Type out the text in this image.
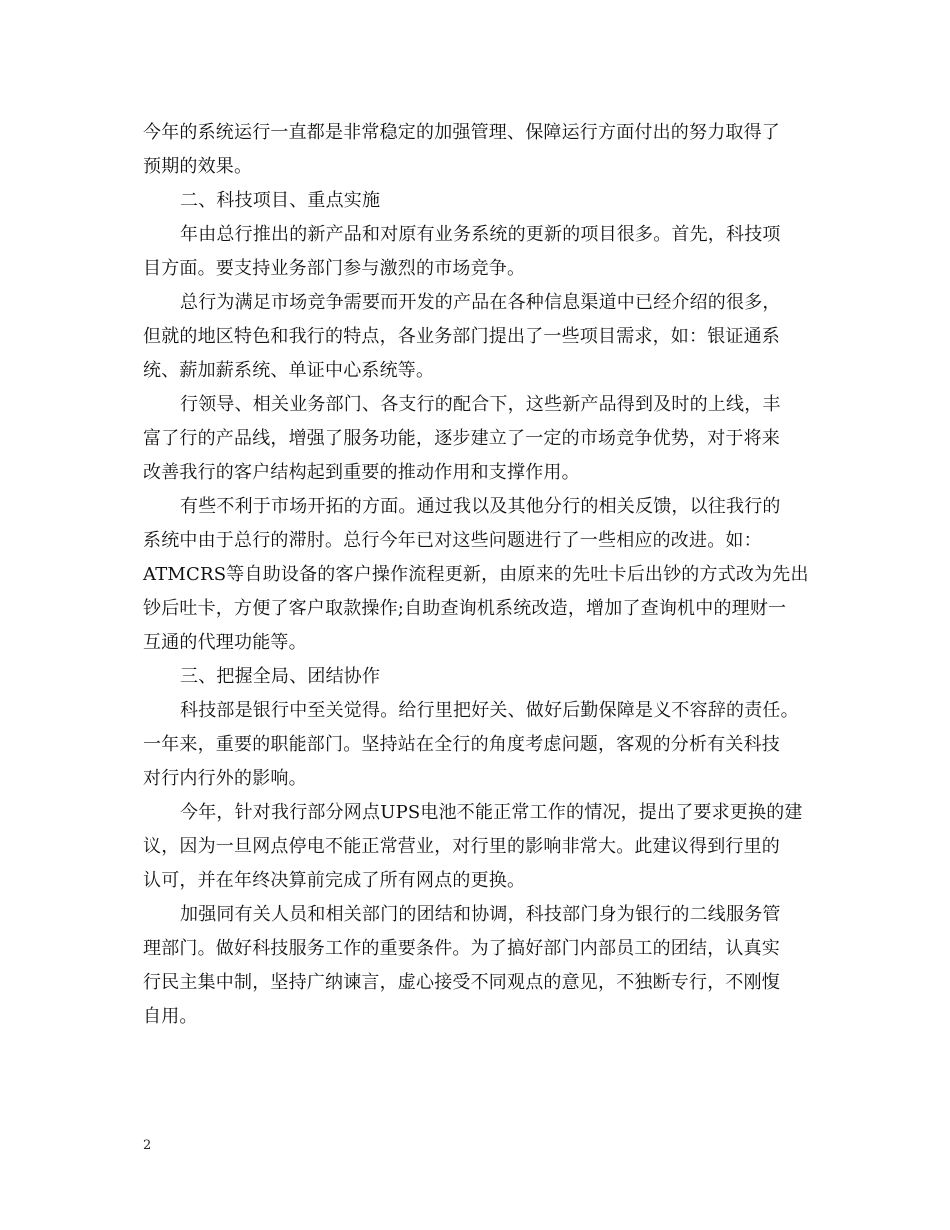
今年的系统运行一直都是非常稳定的加强管理、保障运行方面付出的努力取得了
预期的效果。

二、科技项目、重点实施

年由总行推出的新产品和对原有业务系统的更新的项目很多。首先，科技项
目方面。要支持业务部门参与激烈的市场竞争。

总行为满足市场竞争需要而开发的产品在各种信息渠道中已经介绍的很多，
但就的地区特色和我行的特点，各业务部门提出了一些项目需求，如：银证通系
统、薪加薪系统、单证中心系统等。

行领导、相关业务部门、各支行的配合下，这些新产品得到及时的上线，丰
富了行的产品线，增强了服务功能，逐步建立了一定的市场竞争优势，对于将来
改善我行的客户结构起到重要的推动作用和支撑作用。

有些不利于市场开拓的方面。通过我以及其他分行的相关反馈，以往我行的
系统中由于总行的滞肘。总行今年已对这些问题进行了一些相应的改进。如：
ATMCRS等自助设备的客户操作流程更新，由原来的先吐卡后出钞的方式改为先出
钞后吐卡，方便了客户取款操作;自助查询机系统改造，增加了查询机中的理财一
互通的代理功能等。

三、把握全局、团结协作

科技部是银行中至关觉得。给行里把好关、做好后勤保障是义不容辞的责任。
一年来，重要的职能部门。坚持站在全行的角度考虑问题，客观的分析有关科技
对行内行外的影响。

今年，针对我行部分网点UPS电池不能正常工作的情况，提出了要求更换的建
议，因为一旦网点停电不能正常营业，对行里的影响非常大。此建议得到行里的
认可，并在年终决算前完成了所有网点的更换。

加强同有关人员和相关部门的团结和协调，科技部门身为银行的二线服务管
理部门。做好科技服务工作的重要条件。为了搞好部门内部员工的团结，认真实
行民主集中制，坚持广纳谏言，虚心接受不同观点的意见，不独断专行，不刚愎
自用。

2
